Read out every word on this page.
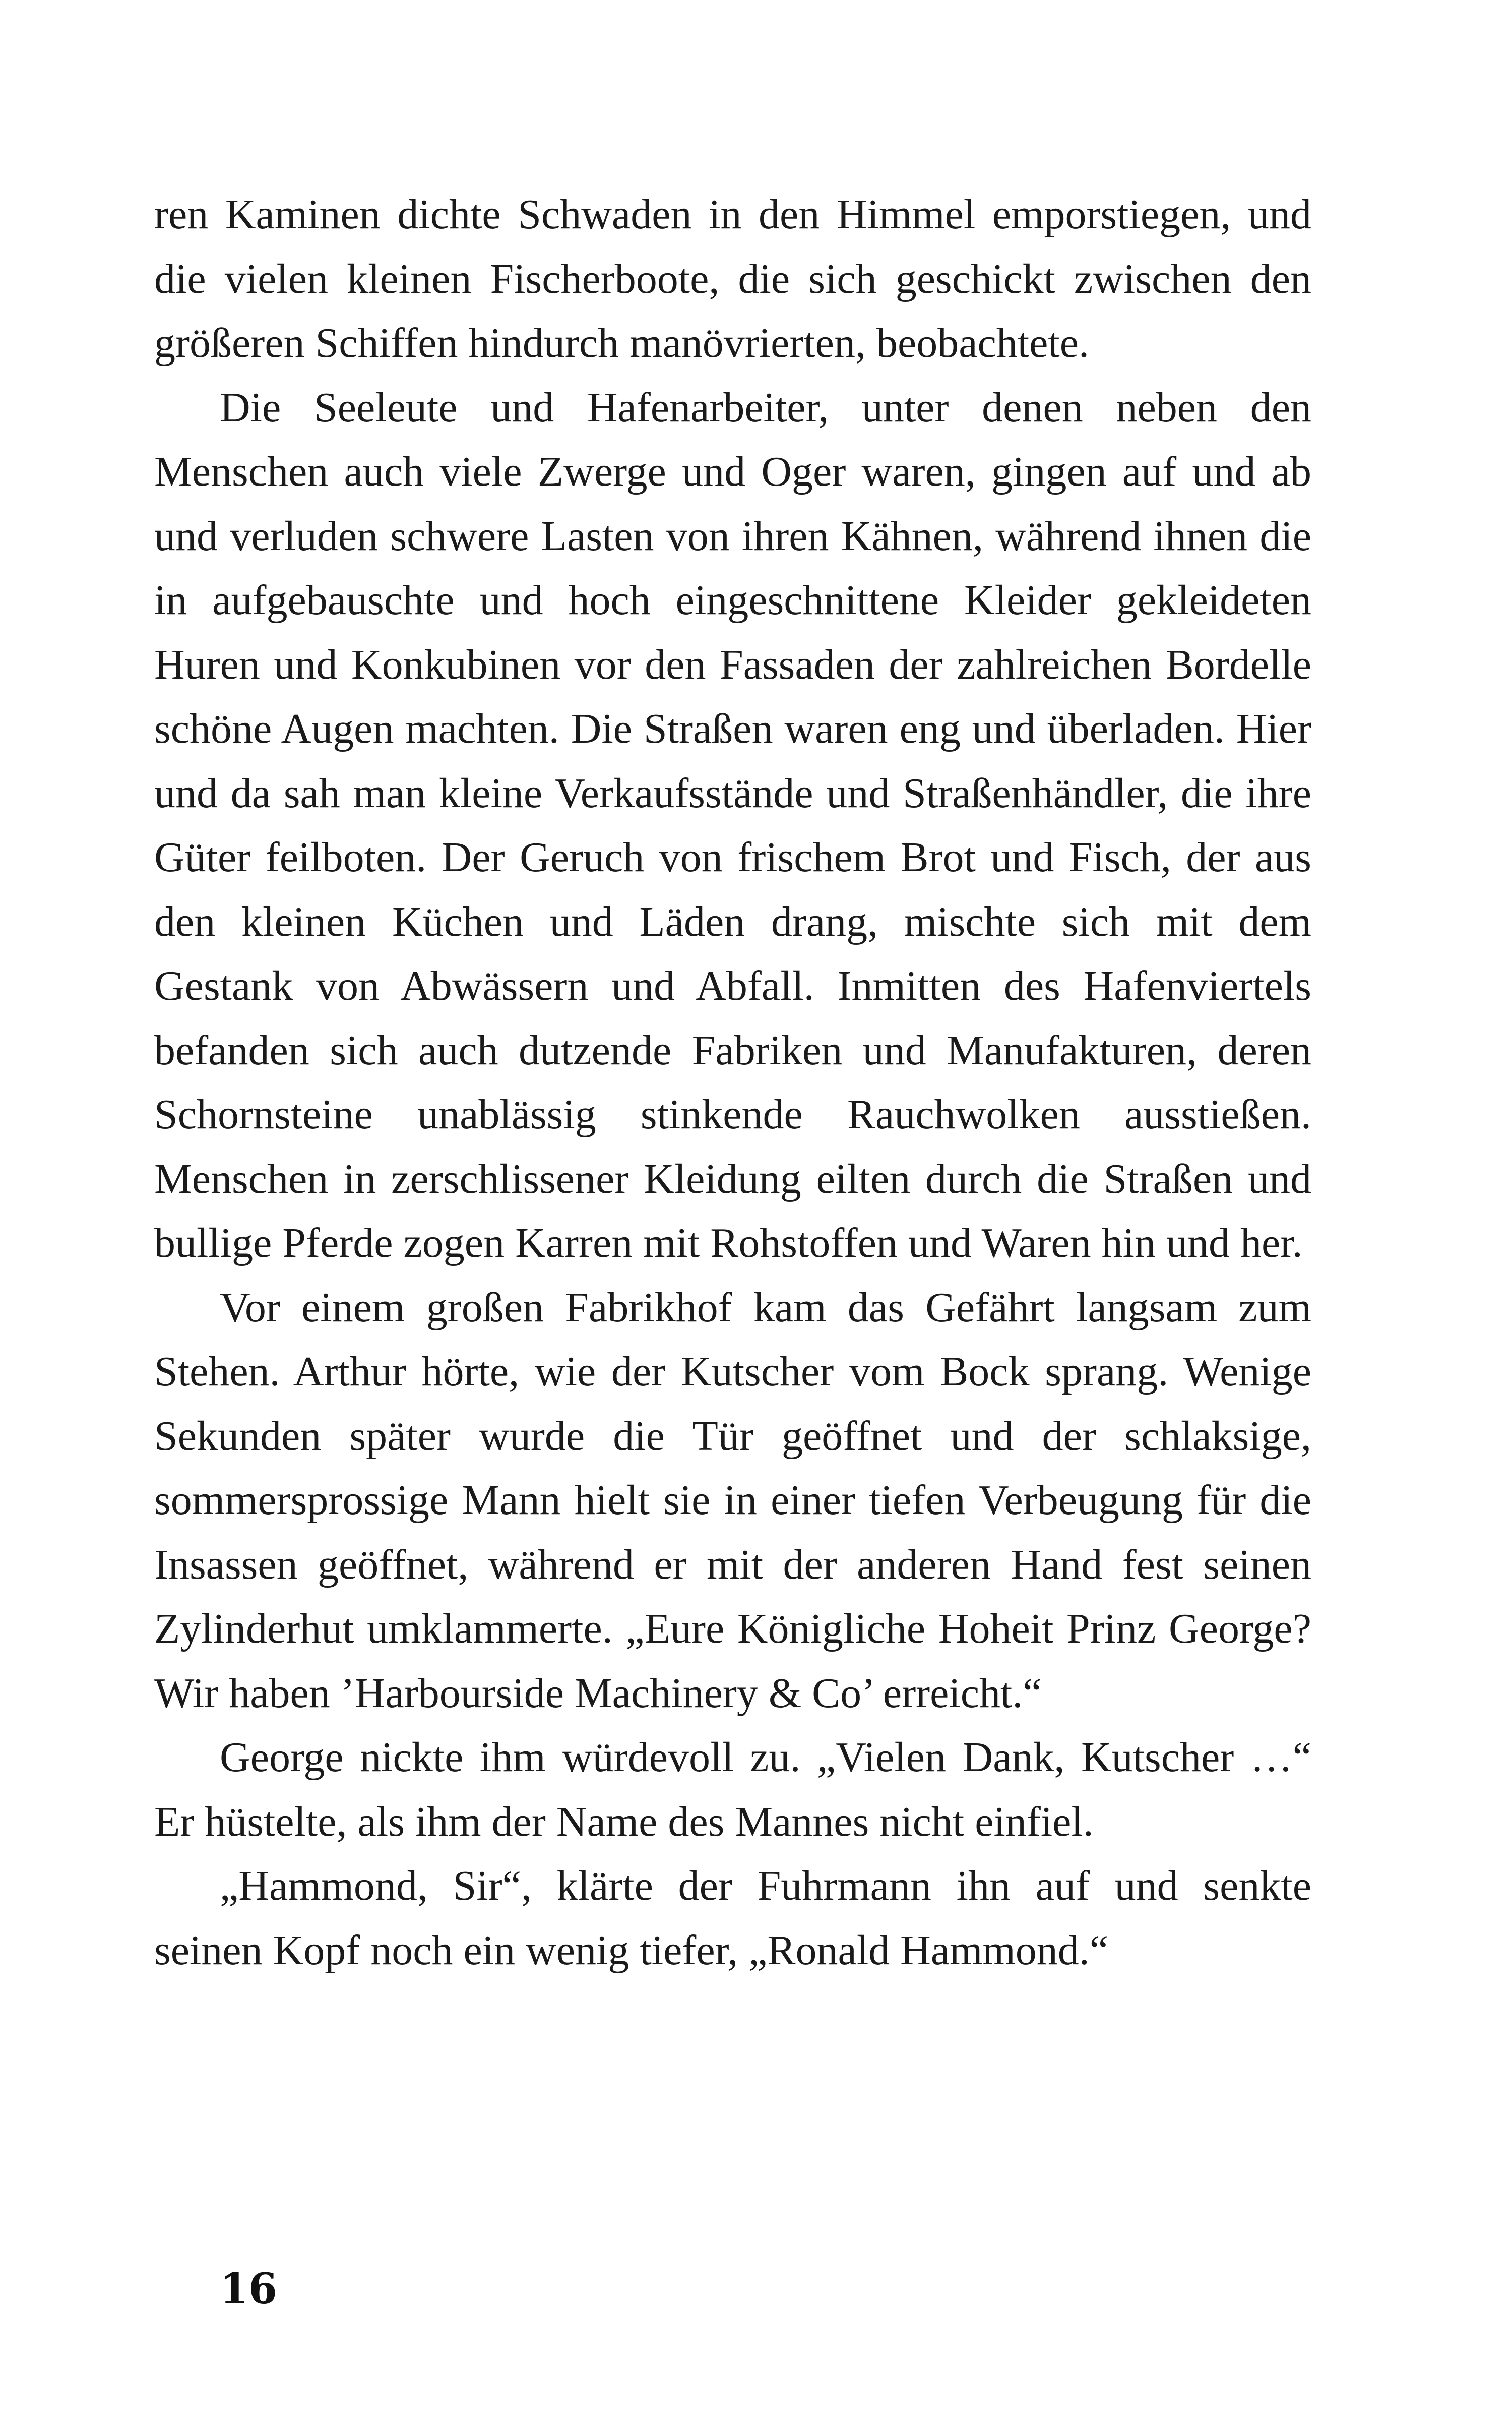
ren Kaminen dichte Schwaden in den Himmel emporstiegen, und die vielen kleinen Fischerboote, die sich geschickt zwischen den größeren Schiffen hindurch manövrierten, beobachtete.

Die Seeleute und Hafenarbeiter, unter denen neben den Menschen auch viele Zwerge und Oger waren, gingen auf und ab und verluden schwere Lasten von ihren Kähnen, während ihnen die in aufgebauschte und hoch eingeschnittene Kleider gekleideten Huren und Konkubinen vor den Fassaden der zahlreichen Bordelle schöne Augen machten. Die Straßen waren eng und überladen. Hier und da sah man kleine Verkaufsstände und Straßenhändler, die ihre Güter feilboten. Der Geruch von frischem Brot und Fisch, der aus den kleinen Küchen und Läden drang, mischte sich mit dem Gestank von Abwässern und Abfall. Inmitten des Hafenviertels befanden sich auch dutzende Fabriken und Manufakturen, deren Schornsteine unablässig stinkende Rauchwolken ausstießen. Menschen in zerschlissener Kleidung eilten durch die Straßen und bullige Pferde zogen Karren mit Rohstoffen und Waren hin und her.

Vor einem großen Fabrikhof kam das Gefährt langsam zum Stehen. Arthur hörte, wie der Kutscher vom Bock sprang. Wenige Sekunden später wurde die Tür geöffnet und der schlaksige, sommersprossige Mann hielt sie in einer tiefen Verbeugung für die Insassen geöffnet, während er mit der anderen Hand fest seinen Zylinderhut umklammerte. „Eure Königliche Hoheit Prinz George? Wir haben ’Harbourside Machinery & Co’ erreicht.“

George nickte ihm würdevoll zu. „Vielen Dank, Kutscher …“ Er hüstelte, als ihm der Name des Mannes nicht einfiel.

„Hammond, Sir“, klärte der Fuhrmann ihn auf und senkte seinen Kopf noch ein wenig tiefer, „Ronald Hammond.“

16
